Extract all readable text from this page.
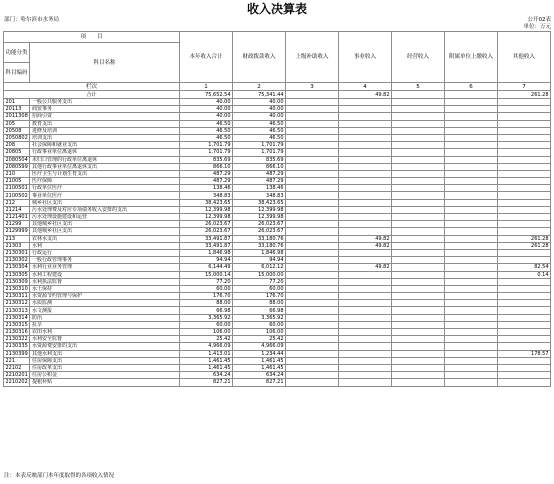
收入决算表
部门：哈尔滨市水务局	公开02表
单位：万元
项　　目		本年收入合计	财政拨款收入	上级补助收入	事业收入	经营收入	附属单位上缴收入	其他收入
功能分类	科目名称							
科目编码								
栏次		1	2	3	4	5	6	7
合计		75,652.54	75,341.44		49.82			261.28
201	一般公共服务支出	40.00	40.00					
20113	商贸事务	40.00	40.00					
2011308	招商引资	40.00	40.00					
205	教育支出	46.50	46.50					
20508	进修及培训	46.50	46.50					
2050802	培训支出	46.50	46.50					
208	社会保障和就业支出	1,701.79	1,701.79					
20805	行政事业单位离退休	1,701.79	1,701.79					
2080504	未归口管理的行政单位离退休	835.69	835.69					
2080599	其他行政事业单位离退休支出	866.10	866.10					
210	医疗卫生与计划生育支出	487.29	487.29					
21005	医疗保障	487.29	487.29					
2100501	行政单位医疗	138.46	138.46					
2100502	事业单位医疗	348.83	348.83					
212	城乡社区支出	38,423.65	38,423.65					
21214	污水处理费及对应专项债务收入安排的支出	12,399.98	12,399.98					
2121401	污水处理设施建设和运营	12,399.98	12,399.98					
21299	其他城乡社区支出	26,023.67	26,023.67					
2129999	其他城乡社区支出	26,023.67	26,023.67					
213	农林水支出	33,491.87	33,180.76		49.82			261.28
21303	水利	33,491.87	33,180.76		49.82			261.28
2130301	行政运行	1,846.98	1,846.98					
2130302	一般行政管理事务	94.94	94.94					
2130304	水利行业业务管理	6,144.49	6,012.12		49.82			82.54
2130305	水利工程建设	15,000.14	15,000.00					0.14
2130309	水利执法监督	77.20	77.20					
2130310	水土保持	60.00	60.00					
2130311	水资源节约管理与保护	176.70	176.70					
2130312	水质监测	88.00	88.00					
2130313	水文测报	66.98	66.98					
2130314	防汛	3,365.92	3,365.92					
2130315	抗旱	60.00	60.00					
2130316	农田水利	106.00	106.00					
2130322	水利安全监督	25.42	25.42					
2130335	水资源费安排的支出	4,966.09	4,966.09					
2130399	其他水利支出	1,413.01	1,234.44					178.57
221	住房保障支出	1,461.45	1,461.45					
22102	住房改革支出	1,461.45	1,461.45					
2210201	住房公积金	634.24	634.24					
2210202	提租补贴	827.21	827.21					
注：本表反映部门本年度取得的各项收入情况
